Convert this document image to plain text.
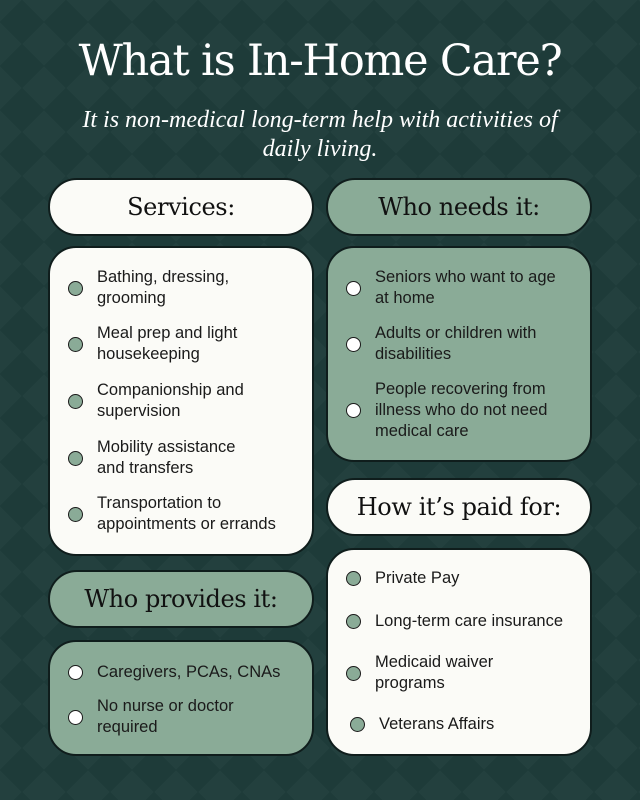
What is In-Home Care?

It is non-medical long-term help with activities of daily living.

Services:
Bathing, dressing,
grooming
Meal prep and light
housekeeping
Companionship and
supervision
Mobility assistance
and transfers
Transportation to
appointments or errands
Who needs it:
Seniors who want to age
at home
Adults or children with
disabilities
People recovering from
illness who do not need
medical care
How it’s paid for:
Private Pay
Long-term care insurance
Medicaid waiver
programs
Veterans Affairs
Who provides it:
Caregivers, PCAs, CNAs
No nurse or doctor
required
